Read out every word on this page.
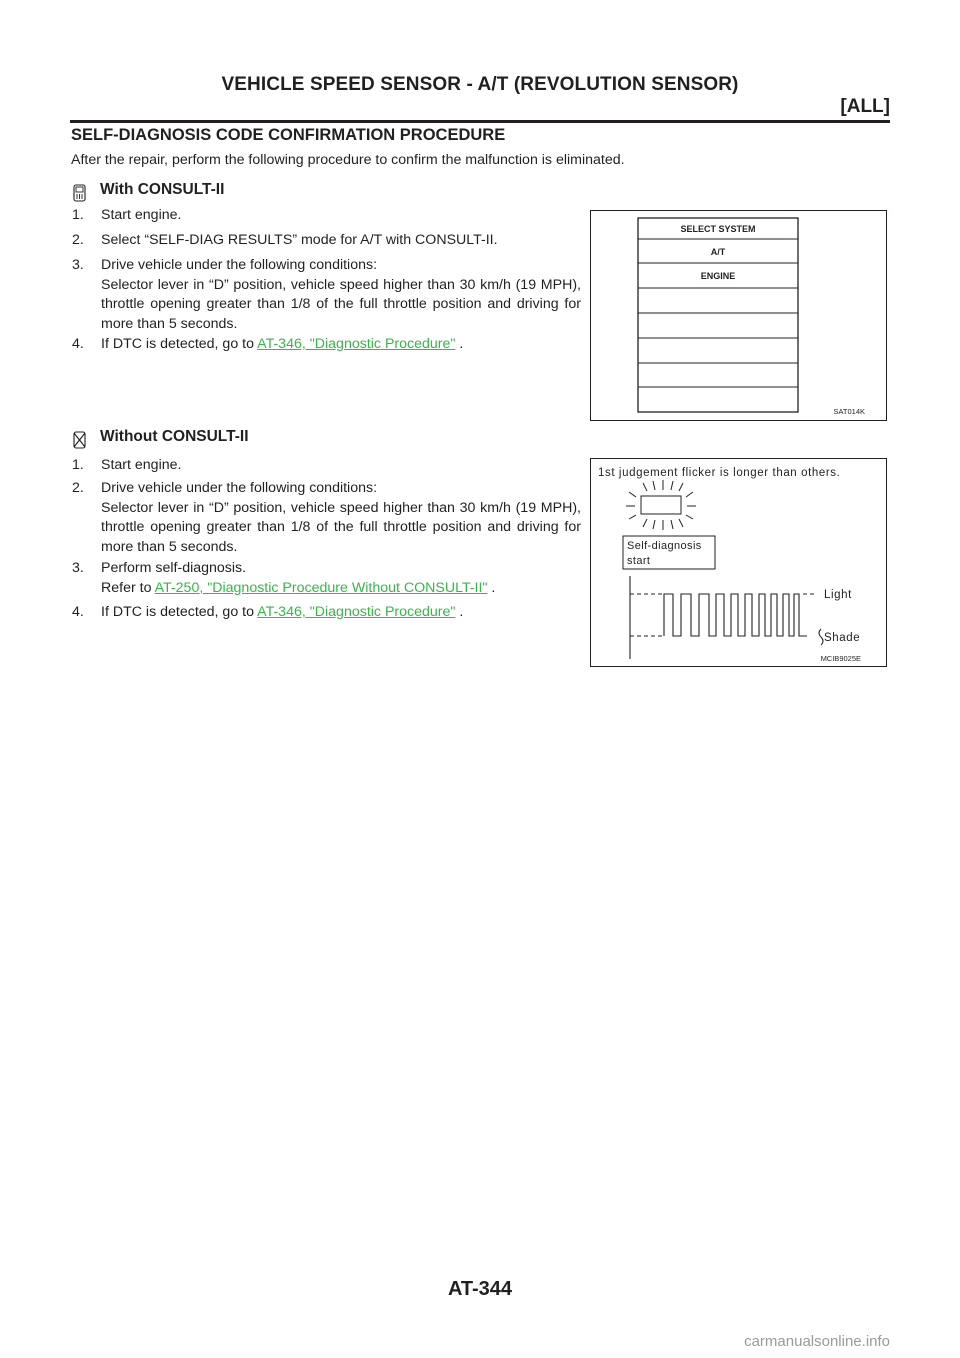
VEHICLE SPEED SENSOR - A/T (REVOLUTION SENSOR)
[ALL]
SELF-DIAGNOSIS CODE CONFIRMATION PROCEDURE
After the repair, perform the following procedure to confirm the malfunction is eliminated.
With CONSULT-II
1. Start engine.
2. Select “SELF-DIAG RESULTS” mode for A/T with CONSULT-II.
3. Drive vehicle under the following conditions:
Selector lever in “D” position, vehicle speed higher than 30 km/h (19 MPH), throttle opening greater than 1/8 of the full throttle position and driving for more than 5 seconds.
4. If DTC is detected, go to AT-346, "Diagnostic Procedure" .
SELECT SYSTEM
A/T
ENGINE
SAT014K
Without CONSULT-II
1. Start engine.
2. Drive vehicle under the following conditions:
Selector lever in “D” position, vehicle speed higher than 30 km/h (19 MPH), throttle opening greater than 1/8 of the full throttle position and driving for more than 5 seconds.
3. Perform self-diagnosis.
Refer to AT-250, "Diagnostic Procedure Without CONSULT-II" .
4. If DTC is detected, go to AT-346, "Diagnostic Procedure" .
1st judgement flicker is longer than others.
Self-diagnosis
start
Light
Shade
MCIB9025E
AT-344
carmanualsonline.info
